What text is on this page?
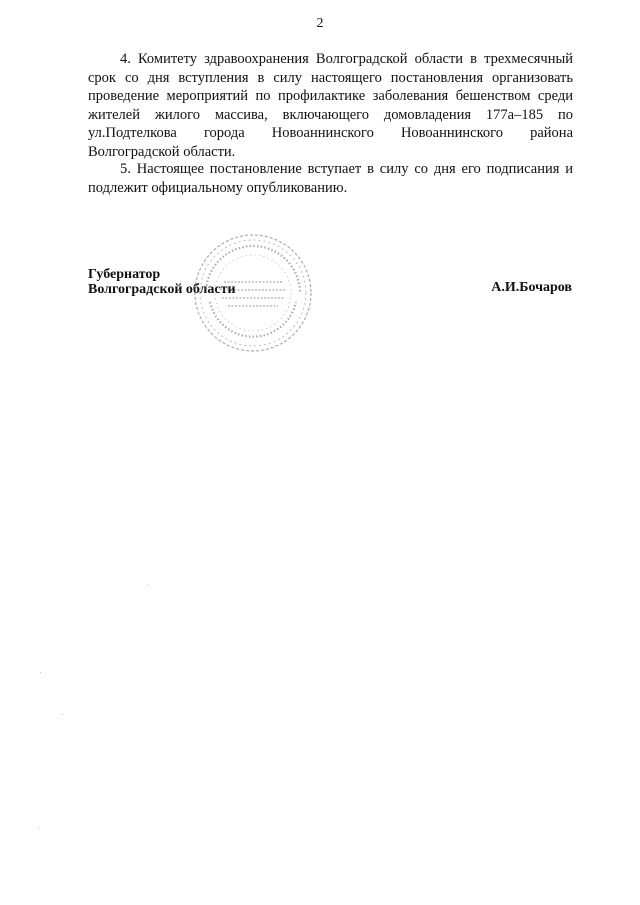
2

4. Комитету здравоохранения Волгоградской области в трехмесячный срок со дня вступления в силу настоящего постановления организовать проведение мероприятий по профилактике заболевания бешенством среди жителей жилого массива, включающего домовладения 177а–185 по ул.Подтелкова города Новоаннинского Новоаннинского района Волгоградской области.

5. Настоящее постановление вступает в силу со дня его подписания и подлежит официальному опубликованию.

Губернатор
Волгоградской области	А.И.Бочаров
